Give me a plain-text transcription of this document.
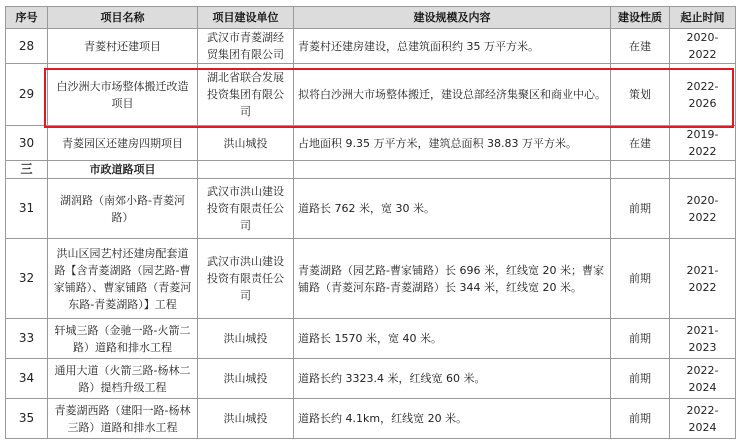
序号	项目名称	项目建设单位	建设规模及内容	建设性质	起止时间
28	青菱村还建项目	武汉市青菱湖经贸集团有限公司	青菱村还建房建设，总建筑面积约 35 万平方米。	在建	2020-2022
29	白沙洲大市场整体搬迁改造项目	湖北省联合发展投资集团有限公司	拟将白沙洲大市场整体搬迁，建设总部经济集聚区和商业中心。	策划	2022-2026
30	青菱园区还建房四期项目	洪山城投	占地面积 9.35 万平方米，建筑总面积 38.83 万平方米。	在建	2019-2022
三	市政道路项目				
31	湖润路（南郊小路-青菱河路）	武汉市洪山建设投资有限责任公司	道路长 762 米，宽 30 米。	前期	2020-2022
32	洪山区园艺村还建房配套道路【含青菱湖路（园艺路-曹家铺路）、曹家铺路（青菱河东路-青菱湖路）】工程	武汉市洪山建设投资有限责任公司	青菱湖路（园艺路-曹家铺路）长 696 米，红线宽 20 米；曹家铺路（青菱河东路-青菱湖路）长 344 米，红线宽 20 米。	前期	2021-2022
33	轩城三路（金驰一路-火箭二路）道路和排水工程	洪山城投	道路长 1570 米，宽 40 米。	前期	2021-2023
34	通用大道（火箭三路-杨林二路）提档升级工程	洪山城投	道路长约 3323.4 米，红线宽 60 米。	前期	2022-2024
35	青菱湖西路（建阳一路-杨林三路）道路和排水工程	洪山城投	道路长约 4.1km，红线宽 20 米。	前期	2022-2024
